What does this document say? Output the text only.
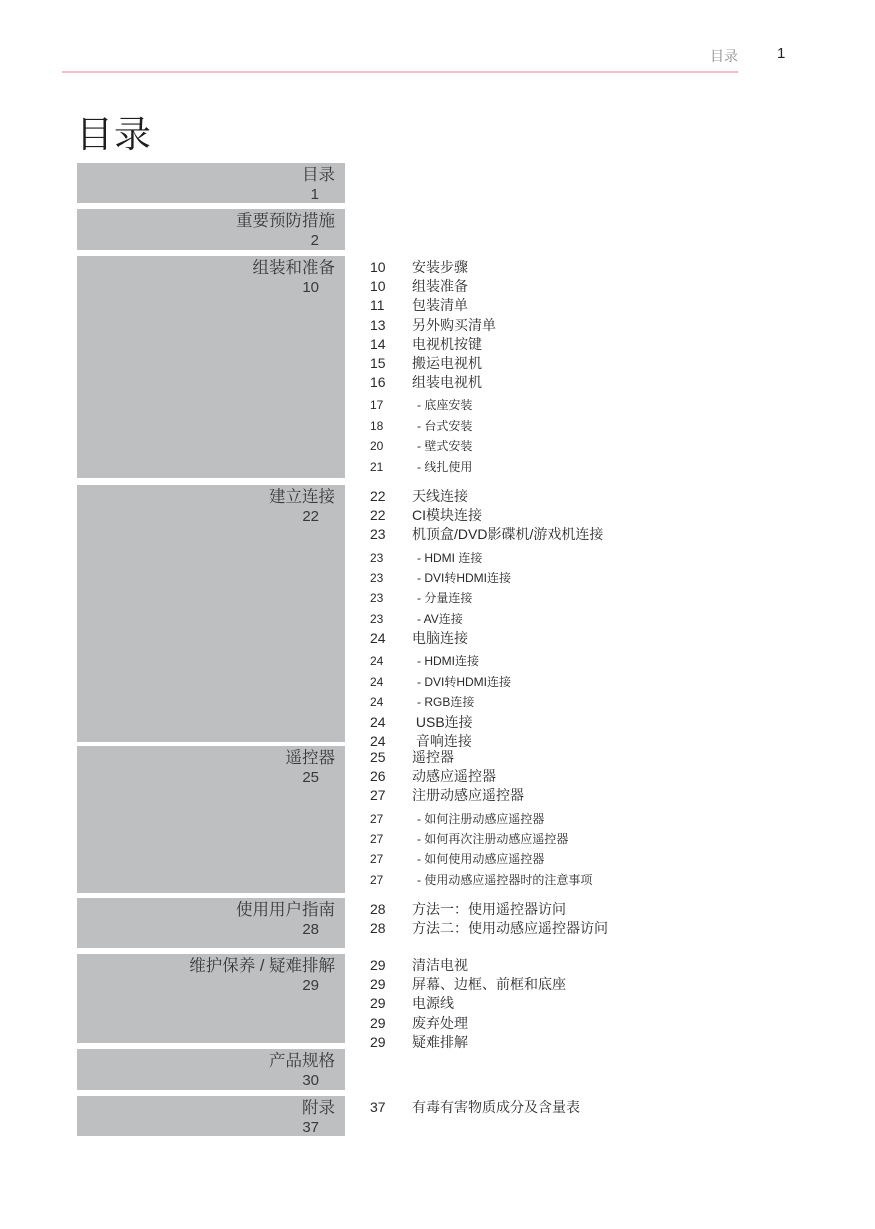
目录	1
目录
目录
1
重要预防措施
2
组装和准备
10
10	安装步骤
10	组装准备
11	包装清单
13	另外购买清单
14	电视机按键
15	搬运电视机
16	组装电视机
17	- 底座安装
18	- 台式安装
20	- 壁式安装
21	- 线扎使用
建立连接
22
22	天线连接
22	CI模块连接
23	机顶盒/DVD影碟机/游戏机连接
23	- HDMI 连接
23	- DVI转HDMI连接
23	- 分量连接
23	- AV连接
24	电脑连接
24	- HDMI连接
24	- DVI转HDMI连接
24	- RGB连接
24	USB连接
24	音响连接
遥控器
25
25	遥控器
26	动感应遥控器
27	注册动感应遥控器
27	- 如何注册动感应遥控器
27	- 如何再次注册动感应遥控器
27	- 如何使用动感应遥控器
27	- 使用动感应遥控器时的注意事项
使用用户指南
28
28	方法一：使用遥控器访问
28	方法二：使用动感应遥控器访问
维护保养 / 疑难排解
29
29	清洁电视
29	屏幕、边框、前框和底座
29	电源线
29	废弃处理
29	疑难排解
产品规格
30
附录
37
37	有毒有害物质成分及含量表
